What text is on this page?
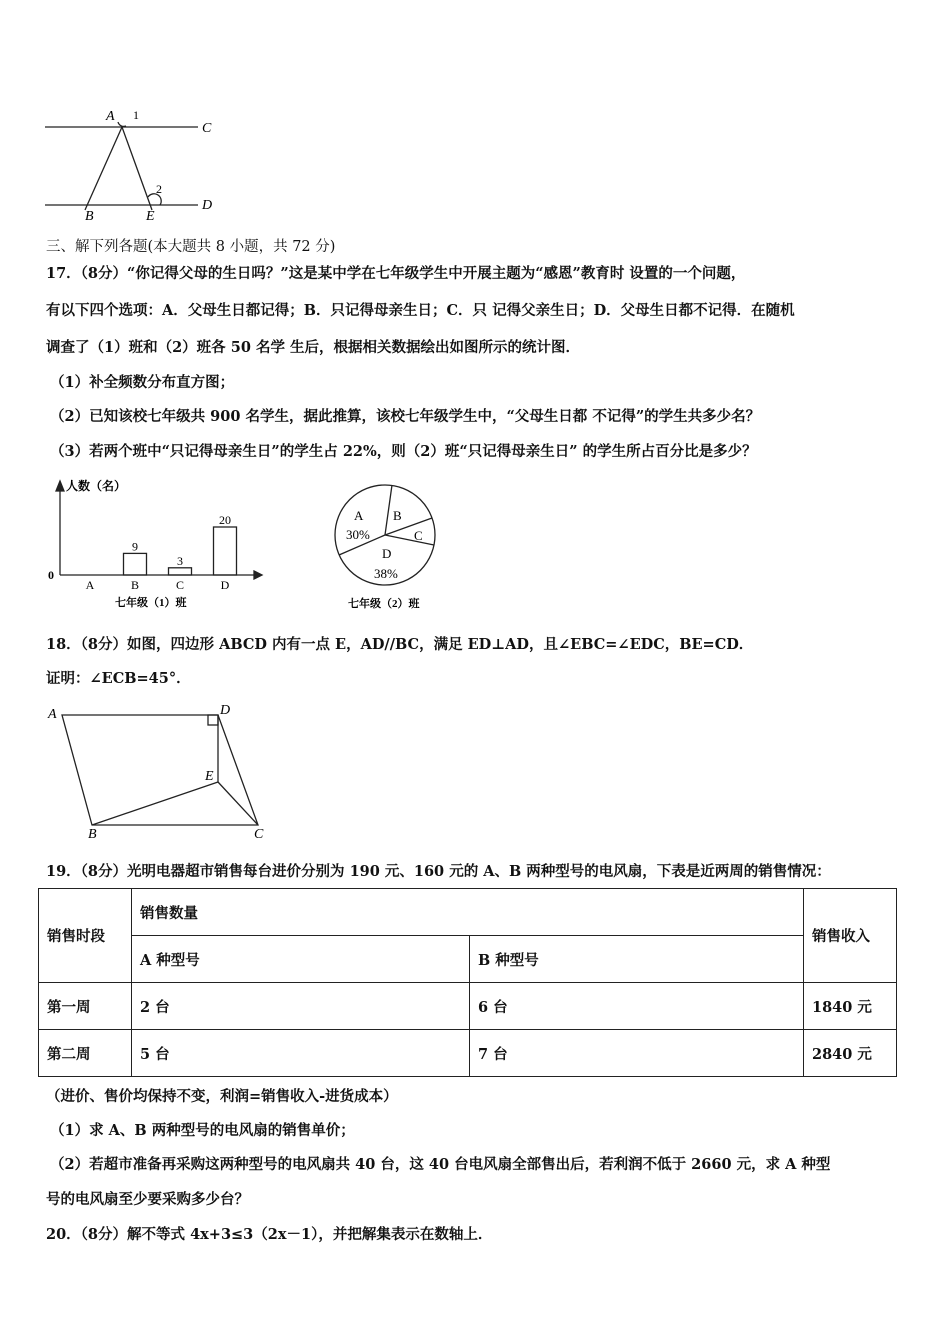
A 1
C
2
B	E
D
三、解下列各题(本大题共 8 小题，共 72 分)
17．（8分）“你记得父母的生日吗？”这是某中学在七年级学生中开展主题为“感恩”教育时 设置的一个问题，
有以下四个选项：A．父母生日都记得；B．只记得母亲生日；C．只 记得父亲生日；D．父母生日都不记得．在随机
调查了（1）班和（2）班各 50 名学 生后，根据相关数据绘出如图所示的统计图．
（1）补全频数分布直方图；
（2）已知该校七年级共 900 名学生，据此推算，该校七年级学生中，“父母生日都 不记得”的学生共多少名？
（3）若两个班中“只记得母亲生日”的学生占 22%，则（2）班“只记得母亲生日” 的学生所占百分比是多少？
人数（名）
0
A
9
B
3
C
20
D
七年级（1）班
A
30%
B
C
D
38%
七年级（2）班
18．（8分）如图，四边形 ABCD 内有一点 E，AD//BC，满足 ED⊥AD，且∠EBC=∠EDC，BE=CD．
证明：∠ECB=45°．
A	D
E
B	C
19．（8分）光明电器超市销售每台进价分别为 190 元、160 元的 A、B 两种型号的电风扇，下表是近两周的销售情况：
销售时段	销售数量		销售收入
	A 种型号	B 种型号	
第一周	2 台	6 台	1840 元
第二周	5 台	7 台	2840 元
（进价、售价均保持不变，利润=销售收入-进货成本）
（1）求 A、B 两种型号的电风扇的销售单价；
（2）若超市准备再采购这两种型号的电风扇共 40 台，这 40 台电风扇全部售出后，若利润不低于 2660 元，求 A 种型
号的电风扇至少要采购多少台？
20．（8分）解不等式 4x+3≤3（2x－1），并把解集表示在数轴上．
